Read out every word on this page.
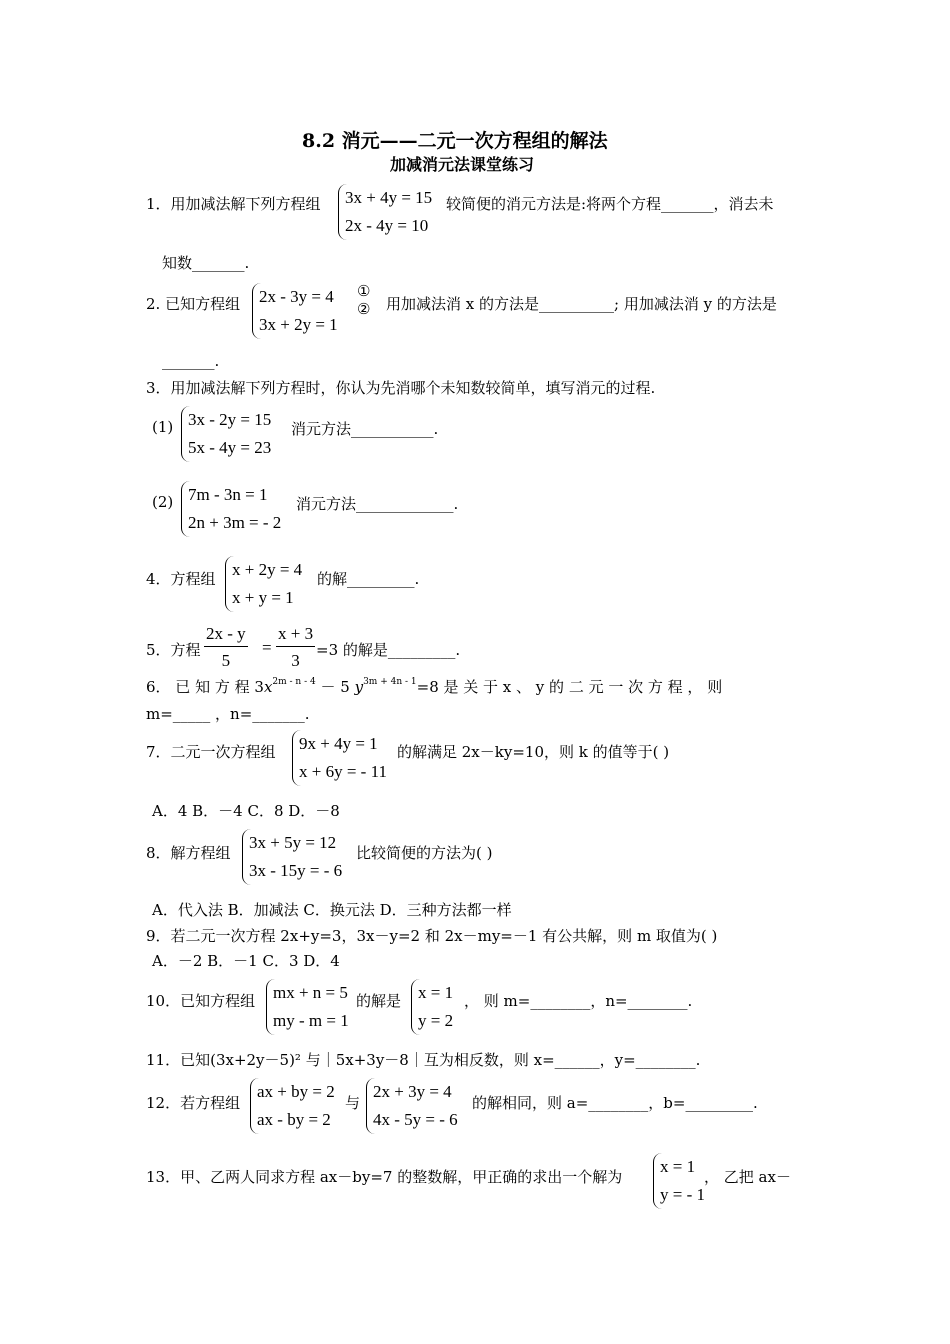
8.2 消元——二元一次方程组的解法
加减消元法课堂练习
1．用加减法解下列方程组 3x + 4y = 15
2x - 4y = 10
较简便的消元方法是:将两个方程_______，消去未
知数_______.
2. 已知方程组 2x - 3y = 4
3x + 2y = 1
①
② 用加减法消 x 的方法是__________; 用加减法消 y 的方法是
_______.
3．用加减法解下列方程时，你认为先消哪个未知数较简单，填写消元的过程.
(1) 3x - 2y = 15
5x - 4y = 23
消元方法___________.
(2) 7m - 3n = 1
2n + 3m = - 2
消元方法_____________.
4．方程组 x + 2y = 4
x + y = 1
的解_________.
5．方程 $\frac{2x - y}{5} = \frac{x + 3}{3} =3$ 的解是_________.
6． 已 知 方 程 $3x^{2m - n - 4} - 5$ $y^{3m + 4n - 1}=8$ 是 关 于 x 、 y 的 二 元 一 次 方 程 ， 则
m=_____ ，n=_______.
7．二元一次方程组 9x + 4y = 1
x + 6y = - 11
的解满足 2x－ky=10，则 k 的值等于( )
A．4 B．－4 C．8 D．－8
8．解方程组
3x + 5y = 12
3x - 15y = - 6
比较简便的方法为( )
A．代入法 B．加减法 C．换元法 D．三种方法都一样
9．若二元一次方程 2x+y=3，3x－y=2 和 2x－my=－1 有公共解，则 m 取值为( )
A．－2 B．－1 C．3 D．4
10．已知方程组 mx + n = 5
my - m = 1
的解是 x = 1
y = 2
， 则 m=________，n=________.
11．已知(3x+2y－5)² 与｜5x+3y－8｜互为相反数，则 x=______，y=________.
12．若方程组
ax + by = 2
ax - by = 2
与
2x + 3y = 4
4x - 5y = - 6
的解相同，则 a=________，b=_________.
13．甲、乙两人同求方程 ax－by=7 的整数解，甲正确的求出一个解为
x = 1
y = - 1
， 乙把 ax－
